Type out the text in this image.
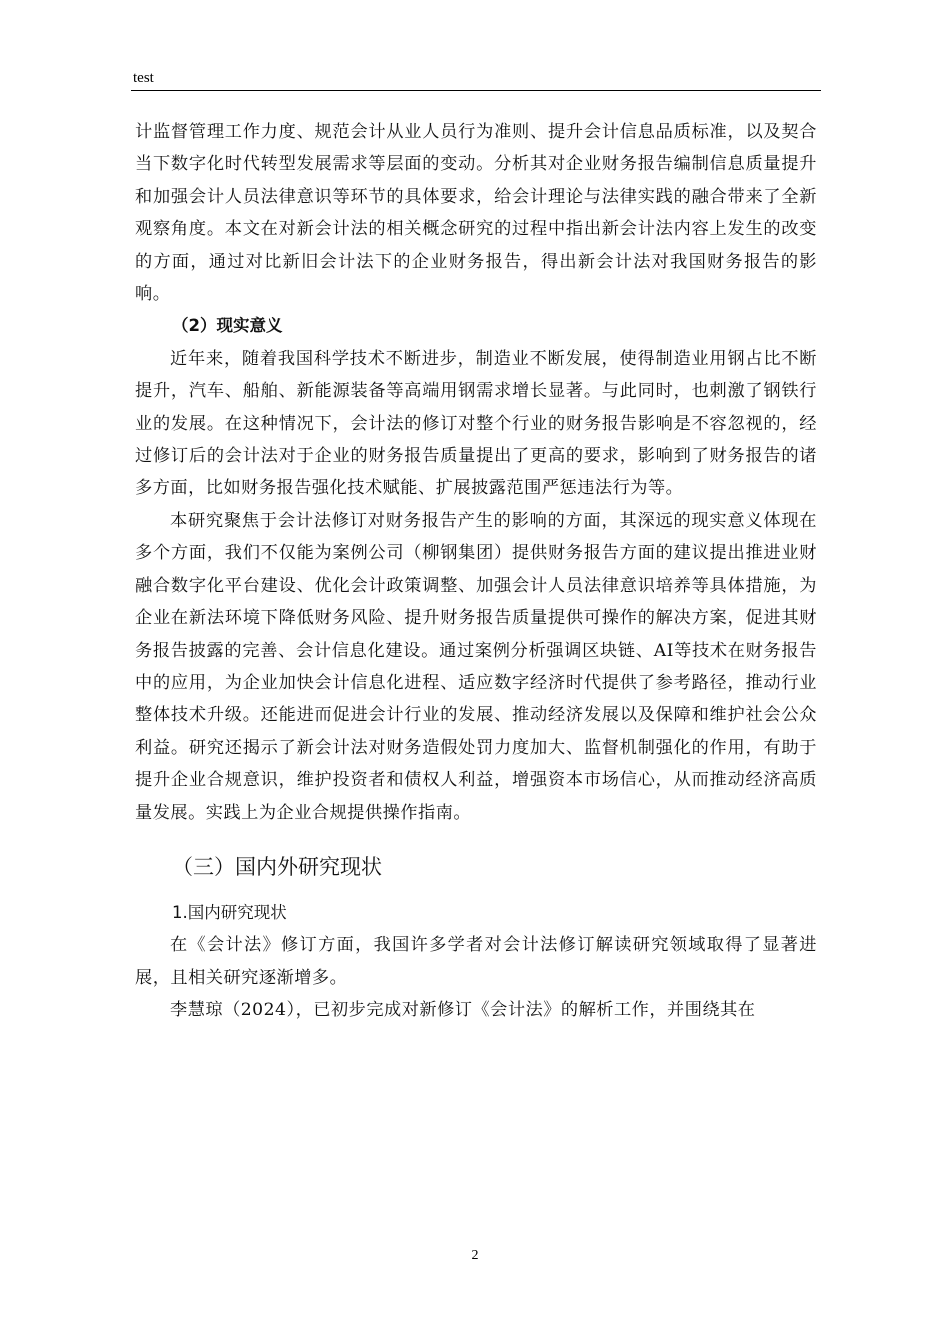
test

计监督管理工作力度、规范会计从业人员行为准则、提升会计信息品质标准，以及契合当下数字化时代转型发展需求等层面的变动。分析其对企业财务报告编制信息质量提升和加强会计人员法律意识等环节的具体要求，给会计理论与法律实践的融合带来了全新观察角度。本文在对新会计法的相关概念研究的过程中指出新会计法内容上发生的改变的方面，通过对比新旧会计法下的企业财务报告，得出新会计法对我国财务报告的影响。

（2）现实意义

近年来，随着我国科学技术不断进步，制造业不断发展，使得制造业用钢占比不断提升，汽车、船舶、新能源装备等高端用钢需求增长显著。与此同时，也刺激了钢铁行业的发展。在这种情况下，会计法的修订对整个行业的财务报告影响是不容忽视的，经过修订后的会计法对于企业的财务报告质量提出了更高的要求，影响到了财务报告的诸多方面，比如财务报告强化技术赋能、扩展披露范围严惩违法行为等。

本研究聚焦于会计法修订对财务报告产生的影响的方面，其深远的现实意义体现在多个方面，我们不仅能为案例公司（柳钢集团）提供财务报告方面的建议提出推进业财融合数字化平台建设、优化会计政策调整、加强会计人员法律意识培养等具体措施，为企业在新法环境下降低财务风险、提升财务报告质量提供可操作的解决方案，促进其财务报告披露的完善、会计信息化建设。通过案例分析强调区块链、AI等技术在财务报告中的应用，为企业加快会计信息化进程、适应数字经济时代提供了参考路径，推动行业整体技术升级。还能进而促进会计行业的发展、推动经济发展以及保障和维护社会公众利益。研究还揭示了新会计法对财务造假处罚力度加大、监督机制强化的作用，有助于提升企业合规意识，维护投资者和债权人利益，增强资本市场信心，从而推动经济高质量发展。实践上为企业合规提供操作指南。

（三）国内外研究现状

1.国内研究现状

在《会计法》修订方面，我国许多学者对会计法修订解读研究领域取得了显著进展，且相关研究逐渐增多。

李慧琼（2024），已初步完成对新修订《会计法》的解析工作，并围绕其在

2
